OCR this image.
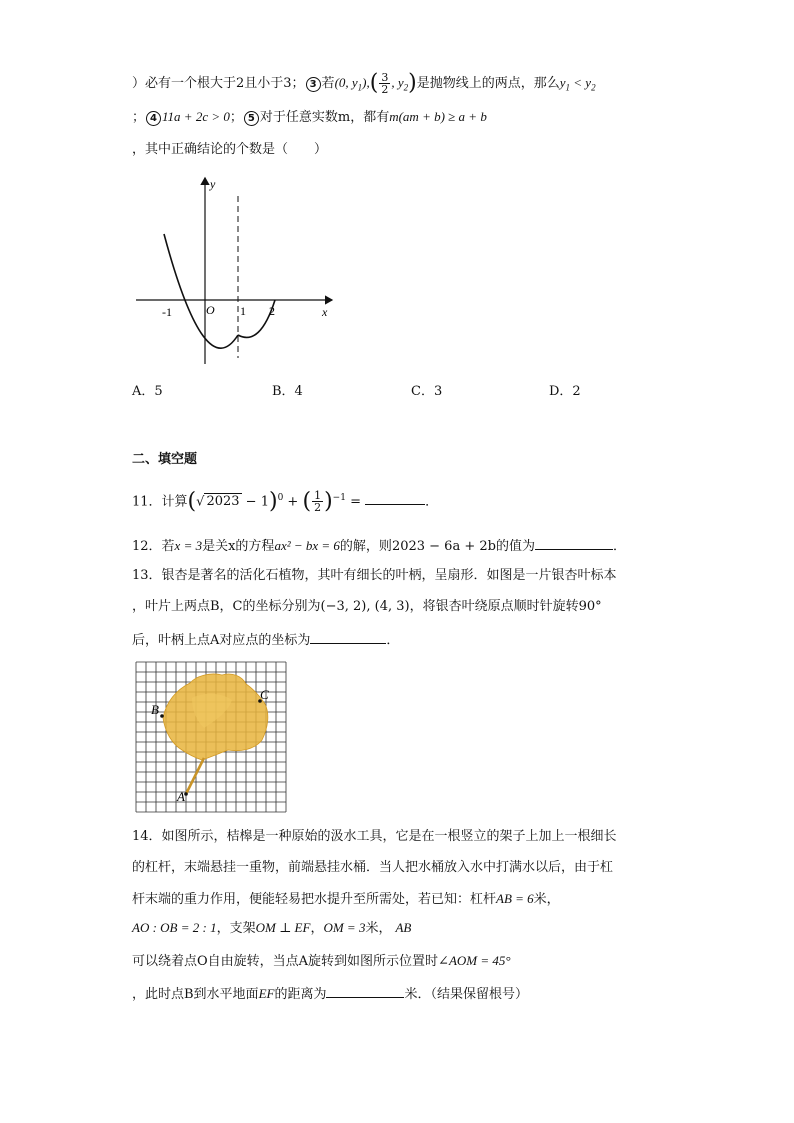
）必有一个根大于2且小于3； 3 若(0, $y_1),( \frac{3}{2}$ , $y_2$)是抛物线上的两点，那么$y_1 < y_2$
； 4 11a + 2c > 0； 5 对于任意实数m，都有m(am + b) ≥ a + b
，其中正确结论的个数是（　　）
y
x
O
-1	1 2
A．5	B．4	C．3	D．2
二、填空题
11．计算(√ 2023 − 1)$^0$ + ( $\frac{1}{2} )^{-1}$ =	．
12．若x = 3是关x的方程ax² − bx = 6的解，则2023 − 6a + 2b的值为	．
13．银杏是著名的活化石植物，其叶有细长的叶柄，呈扇形．如图是一片银杏叶标本
，叶片上两点B，C的坐标分别为(−3, 2), (4, 3)，将银杏叶绕原点顺时针旋转90°
后，叶柄上点A对应点的坐标为	．
B
C
A
14．如图所示，桔槔是一种原始的汲水工具，它是在一根竖立的架子上加上一根细长
的杠杆，末端悬挂一重物，前端悬挂水桶．当人把水桶放入水中打满水以后，由于杠
杆末端的重力作用，便能轻易把水提升至所需处，若已知：杠杆AB = 6米，
AO : OB = 2 : 1，支架OM ⊥ EF，OM = 3米， AB
可以绕着点O自由旋转，当点A旋转到如图所示位置时∠AOM = 45°
，此时点B到水平地面EF的距离为	米．（结果保留根号）
